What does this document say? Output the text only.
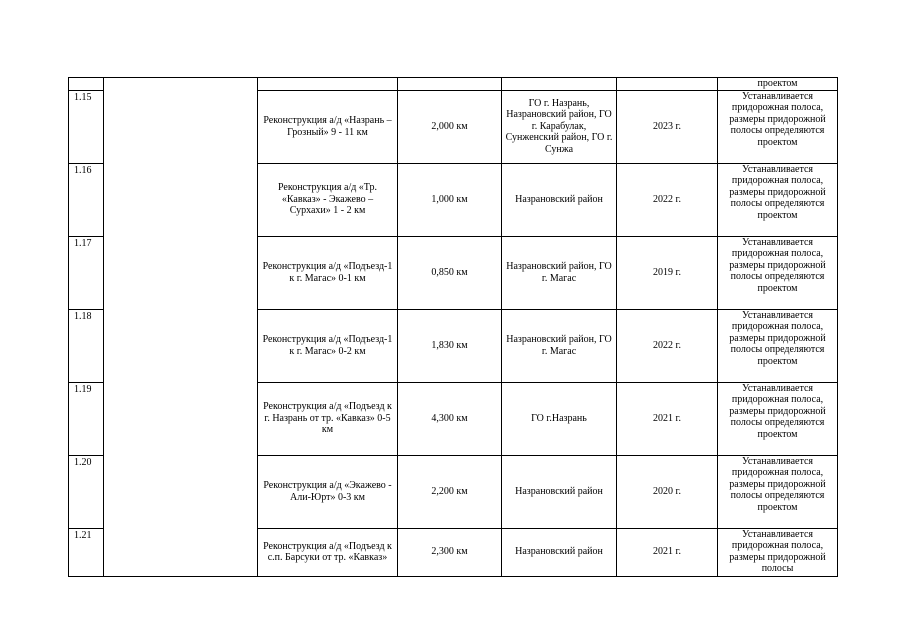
						проектом
1.15		Реконструкция а/д «Назрань – Грозный» 9 - 11 км	2,000 км	ГО г. Назрань, Назрановский район, ГО г. Карабулак, Сунженский район, ГО г. Сунжа	2023 г.	Устанавливается придорожная полоса, размеры придорожной полосы определяются проектом
1.16		Реконструкция а/д «Тр. «Кавказ» - Экажево – Сурхахи» 1 - 2 км	1,000 км	Назрановский район	2022 г.	Устанавливается придорожная полоса, размеры придорожной полосы определяются проектом
1.17		Реконструкция а/д «Подъезд-1 к г. Магас» 0-1 км	0,850 км	Назрановский район, ГО г. Магас	2019 г.	Устанавливается придорожная полоса, размеры придорожной полосы определяются проектом
1.18		Реконструкция а/д «Подъезд-1 к г. Магас» 0-2 км	1,830 км	Назрановский район, ГО г. Магас	2022 г.	Устанавливается придорожная полоса, размеры придорожной полосы определяются проектом
1.19		Реконструкция а/д «Подъезд к г. Назрань от тр. «Кавказ» 0-5 км	4,300 км	ГО г.Назрань	2021 г.	Устанавливается придорожная полоса, размеры придорожной полосы определяются проектом
1.20		Реконструкция а/д «Экажево - Али-Юрт» 0-3 км	2,200 км	Назрановский район	2020 г.	Устанавливается придорожная полоса, размеры придорожной полосы определяются проектом
1.21		Реконструкция а/д «Подъезд к с.п. Барсуки от тр. «Кавказ»	2,300 км	Назрановский район	2021 г.	Устанавливается придорожная полоса, размеры придорожной полосы
